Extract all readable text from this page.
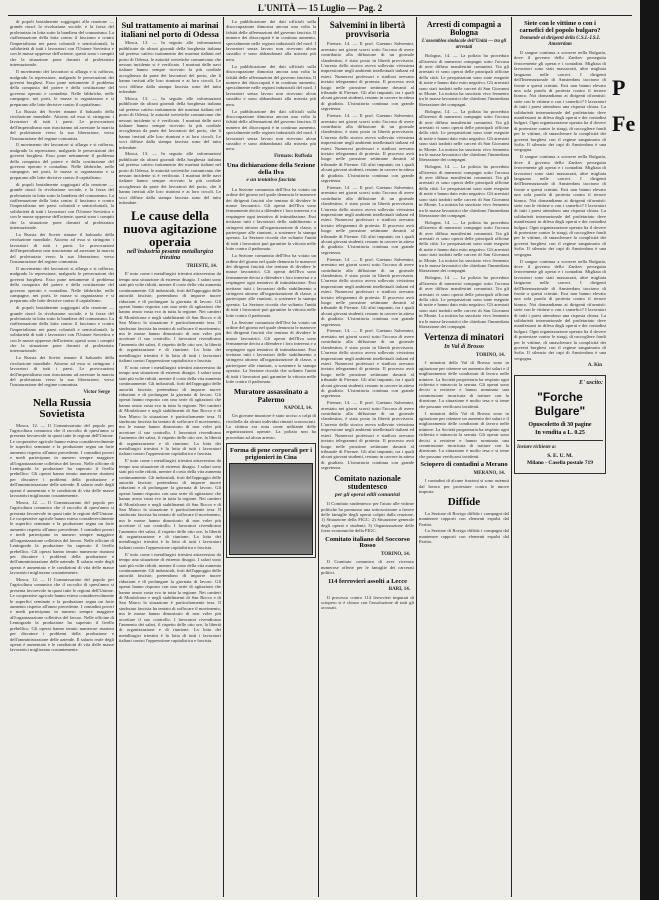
L'UNITÀ — 15 Luglio — Pag. 2

di popoli brutalmente soggiogati alla reazione — grande riuscì la rivoluzione sociale, e la forza del proletariato in lotta sotto la bandiera del comunismo. La riaffermazione della lotta contro il fascismo e contro l'imperialismo nei paesi coloniali e semicoloniali, la solidarietà di tutti i lavoratori con l'Unione Sovietica e con le masse oppresse dell'oriente, questi sono i compiti che la situazione pone davanti al proletariato internazionale.

Il movimento dei lavoratori si allarga e si rafforza, malgrado la repressione, malgrado le persecuzioni dei governi borghesi. Esso pone nettamente il problema della conquista del potere e della costituzione del governo operaio e contadino. Nelle fabbriche, nelle campagne, nei porti, le masse si organizzano e si preparano alle lotte decisive contro il capitalismo.

La Russia dei Soviet rimane il baluardo della rivoluzione mondiale. Attorno ad essa si stringono i lavoratori di tutti i paesi. Le provocazioni dell'imperialismo non riusciranno ad arrestare la marcia del proletariato verso la sua liberazione, verso l'instaurazione del regime comunista.

Il movimento dei lavoratori si allarga e si rafforza, malgrado la repressione, malgrado le persecuzioni dei governi borghesi. Esso pone nettamente il problema della conquista del potere e della costituzione del governo operaio e contadino. Nelle fabbriche, nelle campagne, nei porti, le masse si organizzano e si preparano alle lotte decisive contro il capitalismo.

di popoli brutalmente soggiogati alla reazione — grande riuscì la rivoluzione sociale, e la forza del proletariato in lotta sotto la bandiera del comunismo. La riaffermazione della lotta contro il fascismo e contro l'imperialismo nei paesi coloniali e semicoloniali, la solidarietà di tutti i lavoratori con l'Unione Sovietica e con le masse oppresse dell'oriente, questi sono i compiti che la situazione pone davanti al proletariato internazionale.

La Russia dei Soviet rimane il baluardo della rivoluzione mondiale. Attorno ad essa si stringono i lavoratori di tutti i paesi. Le provocazioni dell'imperialismo non riusciranno ad arrestare la marcia del proletariato verso la sua liberazione, verso l'instaurazione del regime comunista.

Il movimento dei lavoratori si allarga e si rafforza, malgrado la repressione, malgrado le persecuzioni dei governi borghesi. Esso pone nettamente il problema della conquista del potere e della costituzione del governo operaio e contadino. Nelle fabbriche, nelle campagne, nei porti, le masse si organizzano e si preparano alle lotte decisive contro il capitalismo.

di popoli brutalmente soggiogati alla reazione — grande riuscì la rivoluzione sociale, e la forza del proletariato in lotta sotto la bandiera del comunismo. La riaffermazione della lotta contro il fascismo e contro l'imperialismo nei paesi coloniali e semicoloniali, la solidarietà di tutti i lavoratori con l'Unione Sovietica e con le masse oppresse dell'oriente, questi sono i compiti che la situazione pone davanti al proletariato internazionale.

La Russia dei Soviet rimane il baluardo della rivoluzione mondiale. Attorno ad essa si stringono i lavoratori di tutti i paesi. Le provocazioni dell'imperialismo non riusciranno ad arrestare la marcia del proletariato verso la sua liberazione, verso l'instaurazione del regime comunista.

Victor Serge
Nella Russia Sovietista

Mosca, 12. — Il Commissariato del popolo per l'agricoltura comunica che il raccolto di quest'anno si presenta favorevole in quasi tutte le regioni dell'Unione. Le cooperative agricole hanno esteso considerevolmente le superfici seminate e la produzione segna un forte aumento rispetto all'anno precedente. I contadini poveri e medi partecipano in numero sempre maggiore all'organizzazione collettiva del lavoro. Nelle officine di Leningrado la produzione ha superato il livello prebellico. Gli operai hanno tenuto numerose riunioni per discutere i problemi della produzione e dell'amministrazione delle aziende. Il salario reale degli operai è aumentato e le condizioni di vita delle masse lavoratrici migliorano costantemente.

Mosca, 12. — Il Commissariato del popolo per l'agricoltura comunica che il raccolto di quest'anno si presenta favorevole in quasi tutte le regioni dell'Unione. Le cooperative agricole hanno esteso considerevolmente le superfici seminate e la produzione segna un forte aumento rispetto all'anno precedente. I contadini poveri e medi partecipano in numero sempre maggiore all'organizzazione collettiva del lavoro. Nelle officine di Leningrado la produzione ha superato il livello prebellico. Gli operai hanno tenuto numerose riunioni per discutere i problemi della produzione e dell'amministrazione delle aziende. Il salario reale degli operai è aumentato e le condizioni di vita delle masse lavoratrici migliorano costantemente.

Mosca, 12. — Il Commissariato del popolo per l'agricoltura comunica che il raccolto di quest'anno si presenta favorevole in quasi tutte le regioni dell'Unione. Le cooperative agricole hanno esteso considerevolmente le superfici seminate e la produzione segna un forte aumento rispetto all'anno precedente. I contadini poveri e medi partecipano in numero sempre maggiore all'organizzazione collettiva del lavoro. Nelle officine di Leningrado la produzione ha superato il livello prebellico. Gli operai hanno tenuto numerose riunioni per discutere i problemi della produzione e dell'amministrazione delle aziende. Il salario reale degli operai è aumentato e le condizioni di vita delle masse lavoratrici migliorano costantemente.

Sul trattamento ai marinai italiani nel porto di Odessa

Mosca, 13. — In seguito alle informazioni pubblicate da alcuni giornali della borghesia italiana sul preteso cattivo trattamento dei marinai italiani nel porto di Odessa, le autorità sovietiche comunicano che nessun incidente si è verificato. I marinai delle navi italiane hanno sempre ricevuto la più cordiale accoglienza da parte dei lavoratori del porto, che li hanno invitati alle loro riunioni e ai loro circoli. Le voci diffuse dalla stampa fascista sono del tutto infondate.

Mosca, 13. — In seguito alle informazioni pubblicate da alcuni giornali della borghesia italiana sul preteso cattivo trattamento dei marinai italiani nel porto di Odessa, le autorità sovietiche comunicano che nessun incidente si è verificato. I marinai delle navi italiane hanno sempre ricevuto la più cordiale accoglienza da parte dei lavoratori del porto, che li hanno invitati alle loro riunioni e ai loro circoli. Le voci diffuse dalla stampa fascista sono del tutto infondate.

Mosca, 13. — In seguito alle informazioni pubblicate da alcuni giornali della borghesia italiana sul preteso cattivo trattamento dei marinai italiani nel porto di Odessa, le autorità sovietiche comunicano che nessun incidente si è verificato. I marinai delle navi italiane hanno sempre ricevuto la più cordiale accoglienza da parte dei lavoratori del porto, che li hanno invitati alle loro riunioni e ai loro circoli. Le voci diffuse dalla stampa fascista sono del tutto infondate.

Le cause della nuova agitazione operaia
nell'industria pesante metallurgica triestina
TRIESTE, 14.

E' noto come i metallurgici triestini attraversino da tempo una situazione di estremo disagio. I salari sono stati più volte ridotti, mentre il costo della vita aumenta continuamente. Gli industriali, forti dell'appoggio delle autorità fasciste, pretendono di imporre nuove riduzioni e di prolungare la giornata di lavoro. Gli operai hanno risposto con una serie di agitazioni che hanno avuto vasta eco in tutta la regione. Nei cantieri di Monfalcone e negli stabilimenti di San Rocco e di San Marco la situazione è particolarmente tesa. Il sindacato fascista ha tentato di soffocare il movimento, ma le masse hanno dimostrato di non voler più accettare il suo controllo. I lavoratori rivendicano l'aumento dei salari, il rispetto delle otto ore, la libertà di organizzazione e di riunione. La lotta dei metallurgici triestini è la lotta di tutti i lavoratori italiani contro l'oppressione capitalistica e fascista.

E' noto come i metallurgici triestini attraversino da tempo una situazione di estremo disagio. I salari sono stati più volte ridotti, mentre il costo della vita aumenta continuamente. Gli industriali, forti dell'appoggio delle autorità fasciste, pretendono di imporre nuove riduzioni e di prolungare la giornata di lavoro. Gli operai hanno risposto con una serie di agitazioni che hanno avuto vasta eco in tutta la regione. Nei cantieri di Monfalcone e negli stabilimenti di San Rocco e di San Marco la situazione è particolarmente tesa. Il sindacato fascista ha tentato di soffocare il movimento, ma le masse hanno dimostrato di non voler più accettare il suo controllo. I lavoratori rivendicano l'aumento dei salari, il rispetto delle otto ore, la libertà di organizzazione e di riunione. La lotta dei metallurgici triestini è la lotta di tutti i lavoratori italiani contro l'oppressione capitalistica e fascista.

E' noto come i metallurgici triestini attraversino da tempo una situazione di estremo disagio. I salari sono stati più volte ridotti, mentre il costo della vita aumenta continuamente. Gli industriali, forti dell'appoggio delle autorità fasciste, pretendono di imporre nuove riduzioni e di prolungare la giornata di lavoro. Gli operai hanno risposto con una serie di agitazioni che hanno avuto vasta eco in tutta la regione. Nei cantieri di Monfalcone e negli stabilimenti di San Rocco e di San Marco la situazione è particolarmente tesa. Il sindacato fascista ha tentato di soffocare il movimento, ma le masse hanno dimostrato di non voler più accettare il suo controllo. I lavoratori rivendicano l'aumento dei salari, il rispetto delle otto ore, la libertà di organizzazione e di riunione. La lotta dei metallurgici triestini è la lotta di tutti i lavoratori italiani contro l'oppressione capitalistica e fascista.

E' noto come i metallurgici triestini attraversino da tempo una situazione di estremo disagio. I salari sono stati più volte ridotti, mentre il costo della vita aumenta continuamente. Gli industriali, forti dell'appoggio delle autorità fasciste, pretendono di imporre nuove riduzioni e di prolungare la giornata di lavoro. Gli operai hanno risposto con una serie di agitazioni che hanno avuto vasta eco in tutta la regione. Nei cantieri di Monfalcone e negli stabilimenti di San Rocco e di San Marco la situazione è particolarmente tesa. Il sindacato fascista ha tentato di soffocare il movimento, ma le masse hanno dimostrato di non voler più accettare il suo controllo. I lavoratori rivendicano l'aumento dei salari, il rispetto delle otto ore, la libertà di organizzazione e di riunione. La lotta dei metallurgici triestini è la lotta di tutti i lavoratori italiani contro l'oppressione capitalistica e fascista.

La pubblicazione dei dati ufficiali sulla disoccupazione dimostra ancora una volta la falsità delle affermazioni del governo fascista. Il numero dei disoccupati è in continuo aumento, specialmente nelle regioni industriali del nord. I lavoratori senza lavoro non ricevono alcun sussidio e sono abbandonati alla miseria più nera.

La pubblicazione dei dati ufficiali sulla disoccupazione dimostra ancora una volta la falsità delle affermazioni del governo fascista. Il numero dei disoccupati è in continuo aumento, specialmente nelle regioni industriali del nord. I lavoratori senza lavoro non ricevono alcun sussidio e sono abbandonati alla miseria più nera.

La pubblicazione dei dati ufficiali sulla disoccupazione dimostra ancora una volta la falsità delle affermazioni del governo fascista. Il numero dei disoccupati è in continuo aumento, specialmente nelle regioni industriali del nord. I lavoratori senza lavoro non ricevono alcun sussidio e sono abbandonati alla miseria più nera.

Firmato: Ruffoda
Una dichiarazione della Sezione della Ilva
e un tentativo fascista

La Sezione comunista dell'Ilva ha votato un ordine del giorno nel quale denuncia le manovre dei dirigenti fascisti che tentano di dividere le masse lavoratrici. Gli operai dell'Ilva sono fermamente decisi a difendere i loro interessi e a respingere ogni tentativo di intimidazione. Essi invitano tutti i lavoratori dello stabilimento a stringersi attorno all'organizzazione di classe, a partecipare alle riunioni, a sostenere la stampa operaia. La Sezione ricorda che soltanto l'unità di tutti i lavoratori può garantire la vittoria nelle lotte contro il padronato.

La Sezione comunista dell'Ilva ha votato un ordine del giorno nel quale denuncia le manovre dei dirigenti fascisti che tentano di dividere le masse lavoratrici. Gli operai dell'Ilva sono fermamente decisi a difendere i loro interessi e a respingere ogni tentativo di intimidazione. Essi invitano tutti i lavoratori dello stabilimento a stringersi attorno all'organizzazione di classe, a partecipare alle riunioni, a sostenere la stampa operaia. La Sezione ricorda che soltanto l'unità di tutti i lavoratori può garantire la vittoria nelle lotte contro il padronato.

La Sezione comunista dell'Ilva ha votato un ordine del giorno nel quale denuncia le manovre dei dirigenti fascisti che tentano di dividere le masse lavoratrici. Gli operai dell'Ilva sono fermamente decisi a difendere i loro interessi e a respingere ogni tentativo di intimidazione. Essi invitano tutti i lavoratori dello stabilimento a stringersi attorno all'organizzazione di classe, a partecipare alle riunioni, a sostenere la stampa operaia. La Sezione ricorda che soltanto l'unità di tutti i lavoratori può garantire la vittoria nelle lotte contro il padronato.

Muratore assassinato a Palermo
NAPOLI, 14.

Un giovane muratore è stato ucciso a colpi di rivoltella da alcuni individui rimasti sconosciuti. La vittima era nota come militante delle organizzazioni operaie. La polizia non ha proceduto ad alcun arresto.

Forma di pene corporali per i prigionieri in Cina
Salvemini in libertà provvisoria

Firenze, 14. — Il prof. Gaetano Salvemini, arrestato nei giorni scorsi sotto l'accusa di avere contribuito alla diffusione di un giornale clandestino, è stato posto in libertà provvisoria. L'arresto dello storico aveva sollevato vivissima impressione negli ambienti intellettuali italiani ed esteri. Numerosi professori e studiosi avevano inviato telegrammi di protesta. Il processo avrà luogo nelle prossime settimane davanti al tribunale di Firenze. Gli altri imputati, tra i quali alcuni giovani studenti, restano in carcere in attesa di giudizio. L'istruttoria continua con grande segretezza.

Firenze, 14. — Il prof. Gaetano Salvemini, arrestato nei giorni scorsi sotto l'accusa di avere contribuito alla diffusione di un giornale clandestino, è stato posto in libertà provvisoria. L'arresto dello storico aveva sollevato vivissima impressione negli ambienti intellettuali italiani ed esteri. Numerosi professori e studiosi avevano inviato telegrammi di protesta. Il processo avrà luogo nelle prossime settimane davanti al tribunale di Firenze. Gli altri imputati, tra i quali alcuni giovani studenti, restano in carcere in attesa di giudizio. L'istruttoria continua con grande segretezza.

Firenze, 14. — Il prof. Gaetano Salvemini, arrestato nei giorni scorsi sotto l'accusa di avere contribuito alla diffusione di un giornale clandestino, è stato posto in libertà provvisoria. L'arresto dello storico aveva sollevato vivissima impressione negli ambienti intellettuali italiani ed esteri. Numerosi professori e studiosi avevano inviato telegrammi di protesta. Il processo avrà luogo nelle prossime settimane davanti al tribunale di Firenze. Gli altri imputati, tra i quali alcuni giovani studenti, restano in carcere in attesa di giudizio. L'istruttoria continua con grande segretezza.

Firenze, 14. — Il prof. Gaetano Salvemini, arrestato nei giorni scorsi sotto l'accusa di avere contribuito alla diffusione di un giornale clandestino, è stato posto in libertà provvisoria. L'arresto dello storico aveva sollevato vivissima impressione negli ambienti intellettuali italiani ed esteri. Numerosi professori e studiosi avevano inviato telegrammi di protesta. Il processo avrà luogo nelle prossime settimane davanti al tribunale di Firenze. Gli altri imputati, tra i quali alcuni giovani studenti, restano in carcere in attesa di giudizio. L'istruttoria continua con grande segretezza.

Firenze, 14. — Il prof. Gaetano Salvemini, arrestato nei giorni scorsi sotto l'accusa di avere contribuito alla diffusione di un giornale clandestino, è stato posto in libertà provvisoria. L'arresto dello storico aveva sollevato vivissima impressione negli ambienti intellettuali italiani ed esteri. Numerosi professori e studiosi avevano inviato telegrammi di protesta. Il processo avrà luogo nelle prossime settimane davanti al tribunale di Firenze. Gli altri imputati, tra i quali alcuni giovani studenti, restano in carcere in attesa di giudizio. L'istruttoria continua con grande segretezza.

Firenze, 14. — Il prof. Gaetano Salvemini, arrestato nei giorni scorsi sotto l'accusa di avere contribuito alla diffusione di un giornale clandestino, è stato posto in libertà provvisoria. L'arresto dello storico aveva sollevato vivissima impressione negli ambienti intellettuali italiani ed esteri. Numerosi professori e studiosi avevano inviato telegrammi di protesta. Il processo avrà luogo nelle prossime settimane davanti al tribunale di Firenze. Gli altri imputati, tra i quali alcuni giovani studenti, restano in carcere in attesa di giudizio. L'istruttoria continua con grande segretezza.

Comitato nazionale studentesco
per gli operai edili comunisti

Il Comitato studentesco per l'aiuto alle vittime politiche ha promosso una sottoscrizione a favore delle famiglie degli operai colpiti dalla reazione. 1) Situazione della FIGC; 2) Situazione generale degli operai e studenti; 3) Organizzazione delle forze economiche della FIGC.

Comitato italiano del Soccorso Rosso
TORINO, 14.

Il Comitato comunica di aver ricevuto numerose offerte per le famiglie dei carcerati politici.

114 ferrovieri assolti a Lecce
BARI, 14.

Il processo contro 114 ferrovieri imputati di sciopero si è chiuso con l'assoluzione di tutti gli accusati.

Arresti di compagni a Bologna
L'assemblea sindacale dell'Unità — tra gli arrestati

Bologna, 14. — La polizia ha proceduto all'arresto di numerosi compagni sotto l'accusa di aver diffuso manifestini comunisti. Tra gli arrestati vi sono operai delle principali officine della città. Le perquisizioni sono state eseguite di notte e hanno dato esito negativo. Gli arrestati sono stati tradotti nelle carceri di San Giovanni in Monte. La notizia ha suscitato vivo fermento tra le masse lavoratrici che chiedono l'immediata liberazione dei compagni.

Bologna, 14. — La polizia ha proceduto all'arresto di numerosi compagni sotto l'accusa di aver diffuso manifestini comunisti. Tra gli arrestati vi sono operai delle principali officine della città. Le perquisizioni sono state eseguite di notte e hanno dato esito negativo. Gli arrestati sono stati tradotti nelle carceri di San Giovanni in Monte. La notizia ha suscitato vivo fermento tra le masse lavoratrici che chiedono l'immediata liberazione dei compagni.

Bologna, 14. — La polizia ha proceduto all'arresto di numerosi compagni sotto l'accusa di aver diffuso manifestini comunisti. Tra gli arrestati vi sono operai delle principali officine della città. Le perquisizioni sono state eseguite di notte e hanno dato esito negativo. Gli arrestati sono stati tradotti nelle carceri di San Giovanni in Monte. La notizia ha suscitato vivo fermento tra le masse lavoratrici che chiedono l'immediata liberazione dei compagni.

Bologna, 14. — La polizia ha proceduto all'arresto di numerosi compagni sotto l'accusa di aver diffuso manifestini comunisti. Tra gli arrestati vi sono operai delle principali officine della città. Le perquisizioni sono state eseguite di notte e hanno dato esito negativo. Gli arrestati sono stati tradotti nelle carceri di San Giovanni in Monte. La notizia ha suscitato vivo fermento tra le masse lavoratrici che chiedono l'immediata liberazione dei compagni.

Bologna, 14. — La polizia ha proceduto all'arresto di numerosi compagni sotto l'accusa di aver diffuso manifestini comunisti. Tra gli arrestati vi sono operai delle principali officine della città. Le perquisizioni sono state eseguite di notte e hanno dato esito negativo. Gli arrestati sono stati tradotti nelle carceri di San Giovanni in Monte. La notizia ha suscitato vivo fermento tra le masse lavoratrici che chiedono l'immediata liberazione dei compagni.

Vertenza di minatori
In Val di Brosso
TORINO, 14.

I minatori della Val di Brosso sono in agitazione per ottenere un aumento dei salari e il miglioramento delle condizioni di lavoro nelle miniere. La Società proprietaria ha respinto ogni richiesta e minaccia la serrata. Gli operai sono decisi a resistere e hanno nominato una commissione incaricata di trattare con la direzione. La situazione è molto tesa e si teme che possano verificarsi incidenti.

I minatori della Val di Brosso sono in agitazione per ottenere un aumento dei salari e il miglioramento delle condizioni di lavoro nelle miniere. La Società proprietaria ha respinto ogni richiesta e minaccia la serrata. Gli operai sono decisi a resistere e hanno nominato una commissione incaricata di trattare con la direzione. La situazione è molto tesa e si teme che possano verificarsi incidenti.

Sciopero di contadini a Merano
MERANO, 14.

I contadini di alcune frazioni si sono astenuti dal lavoro per protestare contro le nuove imposte.

Diffide

La Sezione di Rovigo diffida i compagni dal mantenere rapporti con elementi espulsi dal Partito.

La Sezione di Rovigo diffida i compagni dal mantenere rapporti con elementi espulsi dal Partito.

Siete con le vittime o con i carnefici del popolo bulgaro?
Domande ai dirigenti della C.S.I.-I.S.I. Amsterdam

Il sangue continua a scorrere nella Bulgaria, dove il governo dello Zankov perseguita ferocemente gli operai e i contadini. Migliaia di lavoratori sono stati massacrati, altre migliaia languono nelle carceri. I dirigenti dell'Internazionale di Amsterdam tacciono di fronte a questi crimini. Essi non hanno elevato una sola parola di protesta contro il terrore bianco. Noi domandiamo ai dirigenti riformisti: siete con le vittime o con i carnefici? I lavoratori di tutti i paesi attendono una risposta chiara. La solidarietà internazionale del proletariato deve manifestarsi in difesa degli operai e dei contadini bulgari. Ogni organizzazione operaia ha il dovere di protestare contro le stragi, di raccogliere fondi per le vittime, di smascherare la complicità dei governi borghesi con il regime sanguinario di Sofia. Il silenzio dei capi di Amsterdam è una vergogna.

Il sangue continua a scorrere nella Bulgaria, dove il governo dello Zankov perseguita ferocemente gli operai e i contadini. Migliaia di lavoratori sono stati massacrati, altre migliaia languono nelle carceri. I dirigenti dell'Internazionale di Amsterdam tacciono di fronte a questi crimini. Essi non hanno elevato una sola parola di protesta contro il terrore bianco. Noi domandiamo ai dirigenti riformisti: siete con le vittime o con i carnefici? I lavoratori di tutti i paesi attendono una risposta chiara. La solidarietà internazionale del proletariato deve manifestarsi in difesa degli operai e dei contadini bulgari. Ogni organizzazione operaia ha il dovere di protestare contro le stragi, di raccogliere fondi per le vittime, di smascherare la complicità dei governi borghesi con il regime sanguinario di Sofia. Il silenzio dei capi di Amsterdam è una vergogna.

Il sangue continua a scorrere nella Bulgaria, dove il governo dello Zankov perseguita ferocemente gli operai e i contadini. Migliaia di lavoratori sono stati massacrati, altre migliaia languono nelle carceri. I dirigenti dell'Internazionale di Amsterdam tacciono di fronte a questi crimini. Essi non hanno elevato una sola parola di protesta contro il terrore bianco. Noi domandiamo ai dirigenti riformisti: siete con le vittime o con i carnefici? I lavoratori di tutti i paesi attendono una risposta chiara. La solidarietà internazionale del proletariato deve manifestarsi in difesa degli operai e dei contadini bulgari. Ogni organizzazione operaia ha il dovere di protestare contro le stragi, di raccogliere fondi per le vittime, di smascherare la complicità dei governi borghesi con il regime sanguinario di Sofia. Il silenzio dei capi di Amsterdam è una vergogna.

A. Kin
E' uscito:
"Forche Bulgare"
Opuscoletto di 30 pagine
In vendita a L. 0.25
Inviare richieste a:
S. E. U. M.
Milano - Casella postale 719
P
Fe
